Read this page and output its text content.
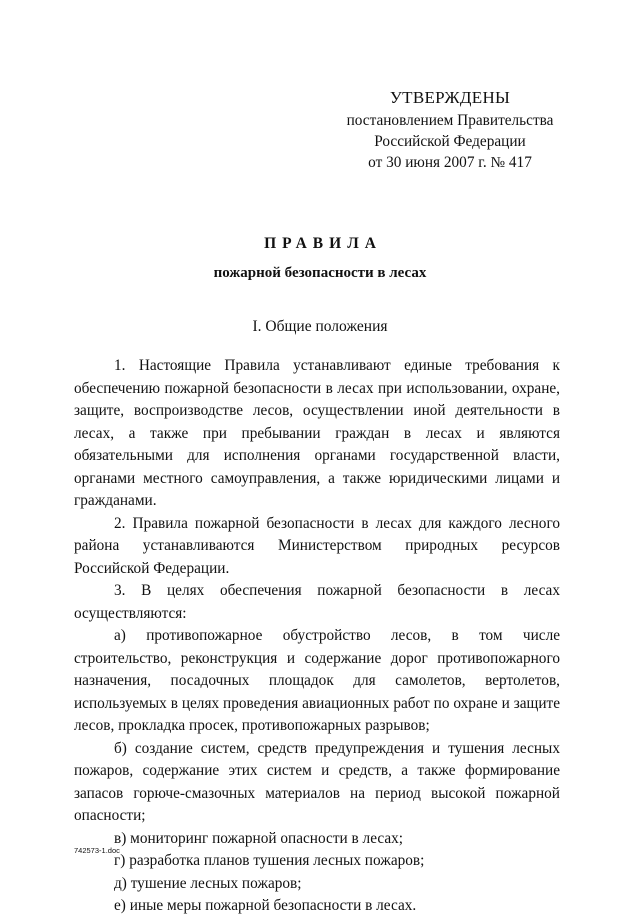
УТВЕРЖДЕНЫ
постановлением Правительства
Российской Федерации
от 30 июня 2007 г. № 417
ПРАВИЛА
пожарной безопасности в лесах
I. Общие положения

1. Настоящие Правила устанавливают единые требования к обеспечению пожарной безопасности в лесах при использовании, охране, защите, воспроизводстве лесов, осуществлении иной деятельности в лесах, а также при пребывании граждан в лесах и являются обязательными для исполнения органами государственной власти, органами местного самоуправления, а также юридическими лицами и гражданами.

2. Правила пожарной безопасности в лесах для каждого лесного района устанавливаются Министерством природных ресурсов Российской Федерации.

3. В целях обеспечения пожарной безопасности в лесах осуществляются:

а) противопожарное обустройство лесов, в том числе строительство, реконструкция и содержание дорог противопожарного назначения, посадочных площадок для самолетов, вертолетов, используемых в целях проведения авиационных работ по охране и защите лесов, прокладка просек, противопожарных разрывов;

б) создание систем, средств предупреждения и тушения лесных пожаров, содержание этих систем и средств, а также формирование запасов горюче-смазочных материалов на период высокой пожарной опасности;

в) мониторинг пожарной опасности в лесах;

г) разработка планов тушения лесных пожаров;

д) тушение лесных пожаров;

е) иные меры пожарной безопасности в лесах.

742573-1.doc
